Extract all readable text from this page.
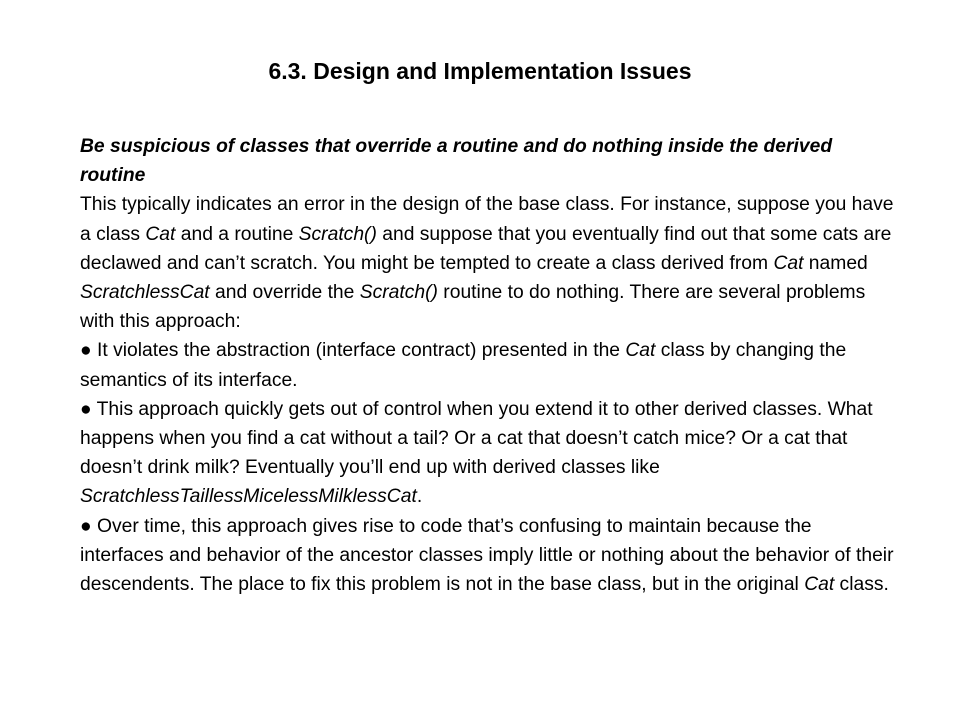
6.3. Design and Implementation Issues

Be suspicious of classes that override a routine and do nothing inside the derived routine

This typically indicates an error in the design of the base class. For instance, suppose you have a class Cat and a routine Scratch() and suppose that you eventually find out that some cats are declawed and can’t scratch. You might be tempted to create a class derived from Cat named ScratchlessCat and override the Scratch() routine to do nothing. There are several problems with this approach:

● It violates the abstraction (interface contract) presented in the Cat class by changing the semantics of its interface.

● This approach quickly gets out of control when you extend it to other derived classes. What happens when you find a cat without a tail? Or a cat that doesn’t catch mice? Or a cat that doesn’t drink milk? Eventually you’ll end up with derived classes like ScratchlessTaillessMicelessMilklessCat.

● Over time, this approach gives rise to code that’s confusing to maintain because the interfaces and behavior of the ancestor classes imply little or nothing about the behavior of their descendents. The place to fix this problem is not in the base class, but in the original Cat class.
